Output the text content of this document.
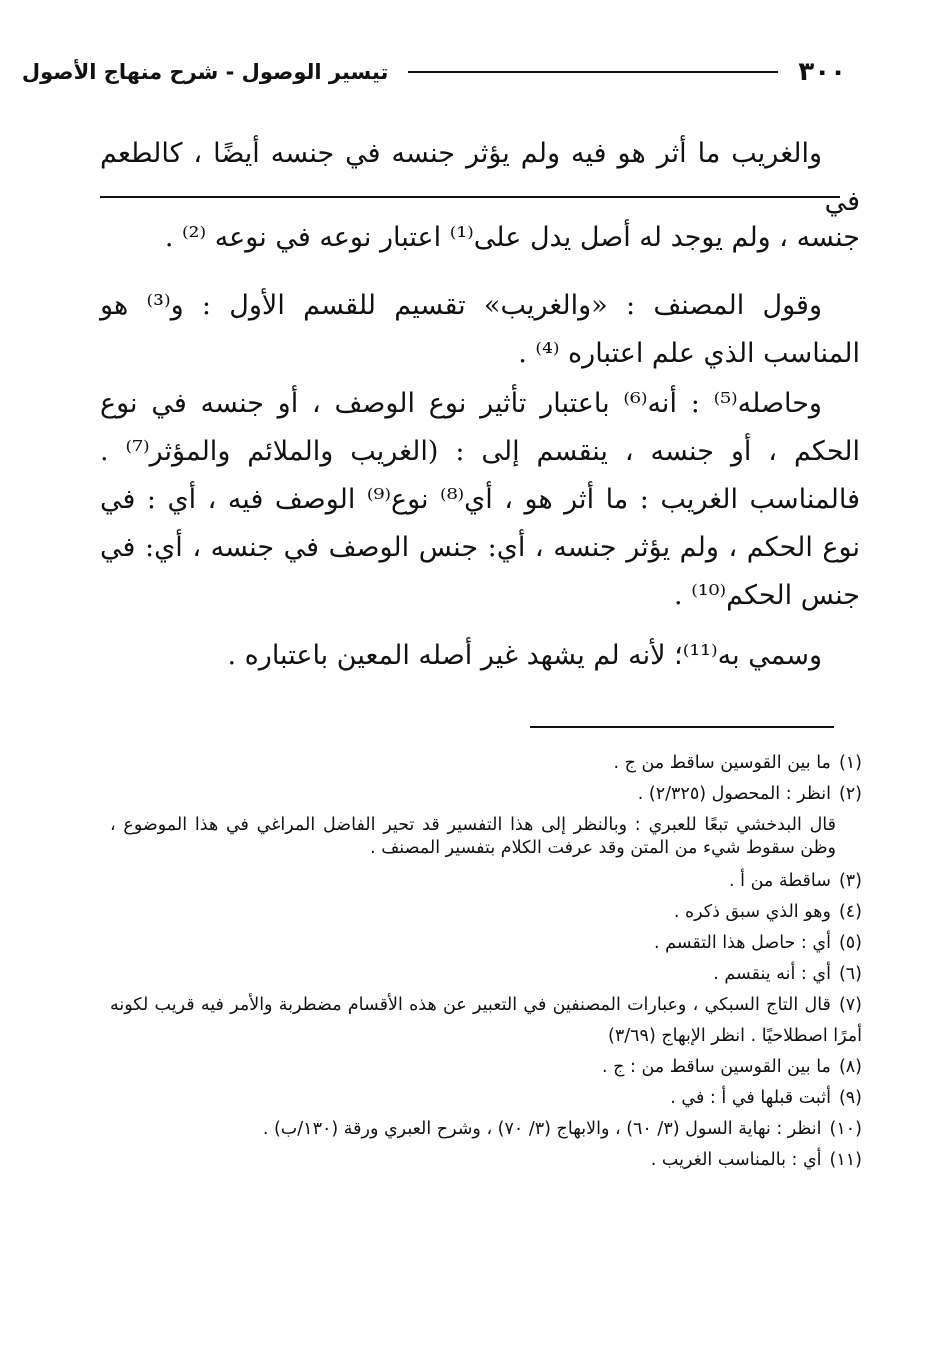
٣٠٠
تيسير الوصول - شرح منهاج الأصول

والغريب ما أثر هو فيه ولم يؤثر جنسه في جنسه أيضًا ، كالطعم في

جنسه ، ولم يوجد له أصل يدل على⁽¹⁾ اعتبار نوعه في نوعه ⁽²⁾ .

وقول المصنف : «والغريب» تقسيم للقسم الأول : و⁽³⁾ هو المناسب الذي علم اعتباره ⁽⁴⁾ .

وحاصله⁽⁵⁾ : أنه⁽⁶⁾ باعتبار تأثير نوع الوصف ، أو جنسه في نوع الحكم ، أو جنسه ، ينقسم إلى : (الغريب والملائم والمؤثر⁽⁷⁾ . فالمناسب الغريب : ما أثر هو ، أي⁽⁸⁾ نوع⁽⁹⁾ الوصف فيه ، أي : في نوع الحكم ، ولم يؤثر جنسه ، أي: جنس الوصف في جنسه ، أي: في جنس الحكم⁽¹⁰⁾ .

وسمي به⁽¹¹⁾؛ لأنه لم يشهد غير أصله المعين باعتباره .

(١)ما بين القوسين ساقط من ج .

(٢)انظر : المحصول (٢/٣٢٥) .

قال البدخشي تبعًا للعبري : وبالنظر إلى هذا التفسير قد تحير الفاضل المراغي في هذا الموضوع ، وظن سقوط شيء من المتن وقد عرفت الكلام بتفسير المصنف .

(٣)ساقطة من أ .

(٤)وهو الذي سبق ذكره .

(٥)أي : حاصل هذا التقسم .

(٦)أي : أنه ينقسم .

(٧)قال التاج السبكي ، وعبارات المصنفين في التعبير عن هذه الأقسام مضطربة والأمر فيه قريب لكونه أمرًا اصطلاحيًا . انظر الإبهاج (٣/٦٩)

(٨)ما بين القوسين ساقط من : ج .

(٩)أثبت قبلها في أ : في .

(١٠)انظر : نهاية السول (٣/ ٦٠) ، والابهاج (٣/ ٧٠) ، وشرح العبري ورقة (١٣٠/ب) .

(١١)أي : بالمناسب الغريب .
